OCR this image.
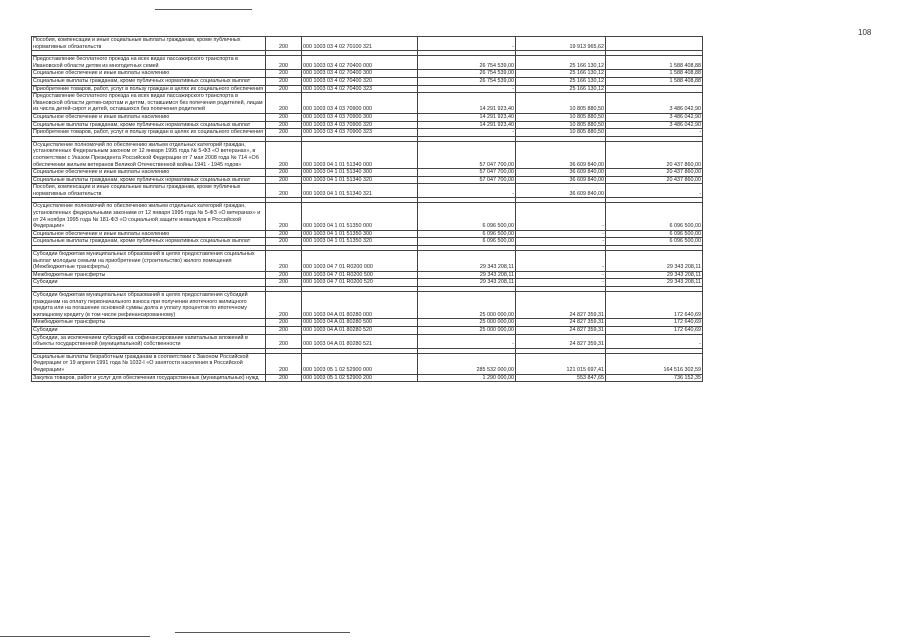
108
Пособия, компенсации и иные социальные выплаты гражданам, кроме публичных нормативных обязательств	200	000 1003 03 4 02 70100 321	-	19 913 965,62	

Предоставление бесплатного проезда на всех видах пассажирского транспорта в Ивановской области детям из многодетных семей	200	000 1003 03 4 02 70400 000	26 754 539,00	25 166 130,12	1 588 408,88
Социальное обеспечение и иные выплаты населению	200	000 1003 03 4 02 70400 300	26 754 539,00	25 166 130,12	1 588 408,88
Социальные выплаты гражданам, кроме публичных нормативных социальных выплат	200	000 1003 03 4 02 70400 320	26 754 539,00	25 166 130,12	1 588 408,88
Приобретение товаров, работ, услуг в пользу граждан в целях их социального обеспечения	200	000 1003 03 4 02 70400 323	-	25 166 130,12	
Предоставление бесплатного проезда на всех видах пассажирского транспорта в Ивановской области детям-сиротам и детям, оставшимся без попечения родителей, лицам из числа детей-сирот и детей, оставшихся без попечения родителей	200	000 1003 03 4 03 70900 000	14 291 923,40	10 805 880,50	3 486 042,90
Социальное обеспечение и иные выплаты населению	200	000 1003 03 4 03 70900 300	14 291 923,40	10 805 880,50	3 486 042,90
Социальные выплаты гражданам, кроме публичных нормативных социальных выплат	200	000 1003 03 4 03 70900 320	14 291 923,40	10 805 880,50	3 486 042,90
Приобретение товаров, работ, услуг в пользу граждан в целях их социального обеспечения	200	000 1003 03 4 03 70900 323	-	10 805 880,50	-

Осуществление полномочий по обеспечению жильем отдельных категорий граждан, установленных Федеральным законом от 12 января 1995 года № 5-ФЗ «О ветеранах», в соответствии с Указом Президента Российской Федерации от 7 мая 2008 года № 714 «Об обеспечении жильем ветеранов Великой Отечественной войны 1941 - 1945 годов»	200	000 1003 04 1 01 51340 000	57 047 700,00	36 609 840,00	20 437 860,00
Социальное обеспечение и иные выплаты населению	200	000 1003 04 1 01 51340 300	57 047 700,00	36 609 840,00	20 437 860,00
Социальные выплаты гражданам, кроме публичных нормативных социальных выплат	200	000 1003 04 1 01 51340 320	57 047 700,00	36 609 840,00	20 437 860,00
Пособия, компенсации и иные социальные выплаты гражданам, кроме публичных нормативных обязательств	200	000 1003 04 1 01 51340 321	-	36 609 840,00	-

Осуществление полномочий по обеспечению жильем отдельных категорий граждан, установленных федеральными законами от 12 января 1995 года № 5-ФЗ «О ветеранах» и от 24 ноября 1995 года № 181-ФЗ «О социальной защите инвалидов в Российской Федерации»	200	000 1003 04 1 01 51350 000	6 096 500,00	-	6 096 500,00
Социальное обеспечение и иные выплаты населению	200	000 1003 04 1 01 51350 300	6 096 500,00	-	6 096 500,00
Социальные выплаты гражданам, кроме публичных нормативных социальных выплат	200	000 1003 04 1 01 51350 320	6 096 500,00	-	6 096 500,00

Субсидии бюджетам муниципальных образований в целях предоставления социальных выплат молодым семьям на приобретение (строительство) жилого помещения (Межбюджетные трансферты)	200	000 1003 04 7 01 R0200 000	29 343 208,11	-	29 343 208,11
Межбюджетные трансферты	200	000 1003 04 7 01 R0200 500	29 343 208,11	-	29 343 208,11
Субсидии	200	000 1003 04 7 01 R0200 520	29 343 208,11	-	29 343 208,11

Субсидии бюджетам муниципальных образований в целях предоставления субсидий гражданам на оплату первоначального взноса при получении ипотечного жилищного кредита или на погашение основной суммы долга и уплату процентов по ипотечному жилищному кредиту (в том числе рефинансированному)	200	000 1003 04 A 01 80280 000	25 000 000,00	24 827 359,31	172 640,69
Межбюджетные трансферты	200	000 1003 04 A 01 80280 500	25 000 000,00	24 827 359,31	172 640,69
Субсидии	200	000 1003 04 A 01 80280 520	25 000 000,00	24 827 359,31	172 640,69
Субсидии, за исключением субсидий на софинансирование капитальных вложений в объекты государственной (муниципальной) собственности	200	000 1003 04 A 01 80280 521	-	24 827 359,31	-

Социальные выплаты безработным гражданам в соответствии с Законом Российской Федерации от 19 апреля 1991 года № 1032-I «О занятости населения в Российской Федерации»	200	000 1003 05 1 02 52900 000	285 532 000,00	121 015 697,41	164 516 302,59
Закупка товаров, работ и услуг для обеспечения государственных (муниципальных) нужд	200	000 1003 05 1 02 52900 200	1 290 000,00	553 847,65	736 152,35
